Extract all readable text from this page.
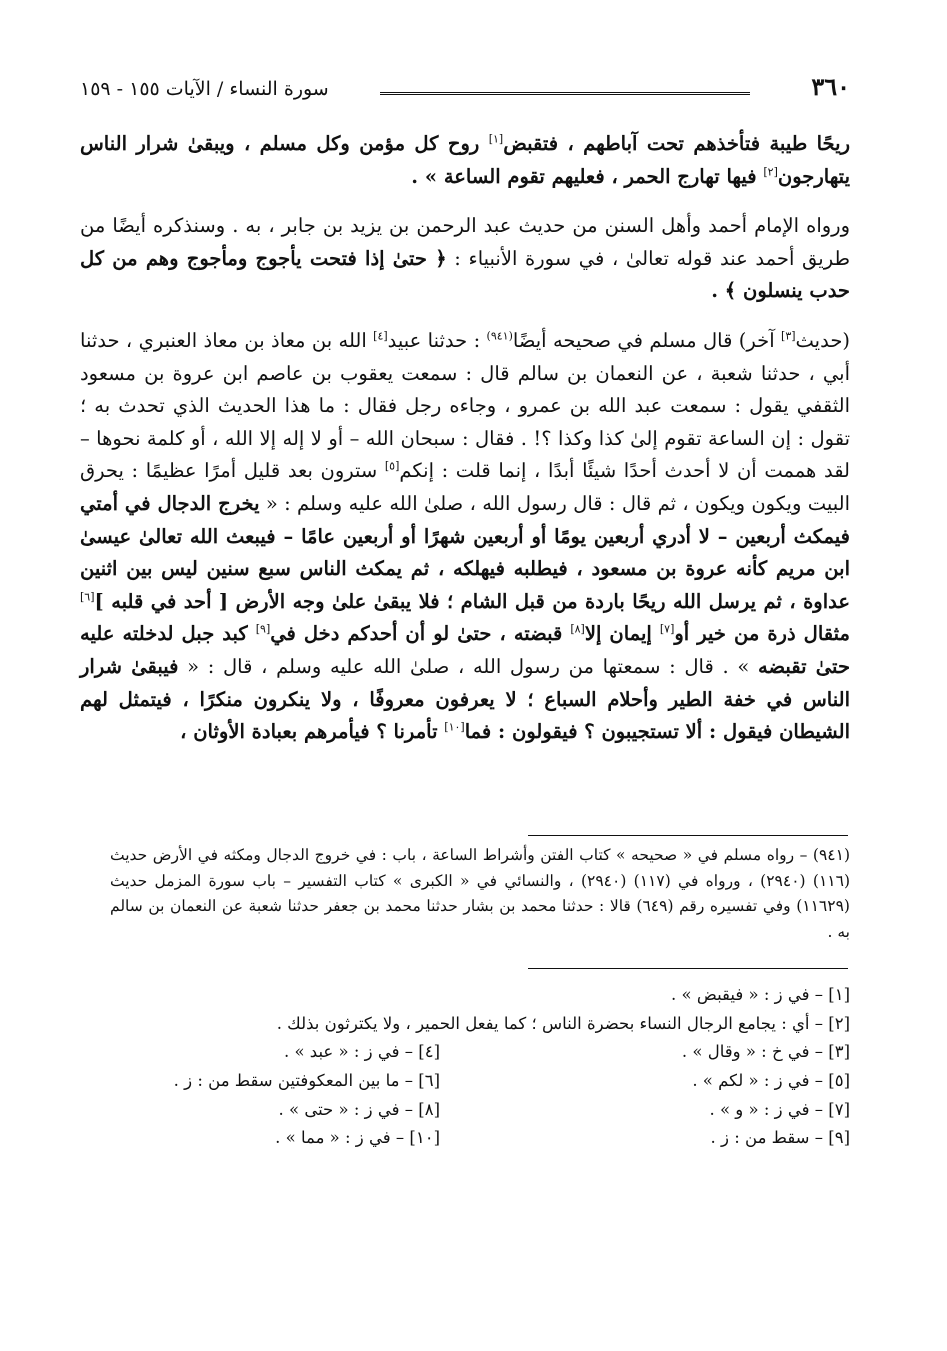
سورة النساء / الآيات ١٥٥ - ١٥٩	٣٦٠

ريحًا طيبة فتأخذهم تحت آباطهم ، فتقبض[١] روح كل مؤمن وكل مسلم ، ويبقىٰ شرار الناس يتهارجون[٢] فيها تهارج الحمر ، فعليهم تقوم الساعة » .

ورواه الإمام أحمد وأهل السنن من حديث عبد الرحمن بن يزيد بن جابر ، به . وسنذكره أيضًا من طريق أحمد عند قوله تعالىٰ ، في سورة الأنبياء : ﴿ حتىٰ إذا فتحت يأجوج ومأجوج وهم من كل حدب ينسلون ﴾ .

(حديث[٣] آخر) قال مسلم في صحيحه أيضًا$^{(٩٤١)}$ : حدثنا عبيد[٤] الله بن معاذ بن معاذ العنبري ، حدثنا أبي ، حدثنا شعبة ، عن النعمان بن سالم قال : سمعت يعقوب بن عاصم ابن عروة بن مسعود الثقفي يقول : سمعت عبد الله بن عمرو ، وجاءه رجل فقال : ما هذا الحديث الذي تحدث به ؛ تقول : إن الساعة تقوم إلىٰ كذا وكذا ؟! . فقال : سبحان الله – أو لا إله إلا الله ، أو كلمة نحوها – لقد هممت أن لا أحدث أحدًا شيئًا أبدًا ، إنما قلت : إنكم[٥] سترون بعد قليل أمرًا عظيمًا : يحرق البيت ويكون ويكون ، ثم قال : قال رسول الله ، صلىٰ الله عليه وسلم : « يخرج الدجال في أمتي فيمكث أربعين – لا أدري أربعين يومًا أو أربعين شهرًا أو أربعين عامًا – فيبعث الله تعالىٰ عيسىٰ ابن مريم كأنه عروة بن مسعود ، فيطلبه فيهلكه ، ثم يمكث الناس سبع سنين ليس بين اثنين عداوة ، ثم يرسل الله ريحًا باردة من قبل الشام ؛ فلا يبقىٰ علىٰ وجه الأرض [ أحد في قلبه ][٦] مثقال ذرة من خير أو[٧] إيمان إلا[٨] قبضته ، حتىٰ لو أن أحدكم دخل في[٩] كبد جبل لدخلته عليه حتىٰ تقبضه » . قال : سمعتها من رسول الله ، صلىٰ الله عليه وسلم ، قال : « فيبقىٰ شرار الناس في خفة الطير وأحلام السباع ؛ لا يعرفون معروفًا ، ولا ينكرون منكرًا ، فيتمثل لهم الشيطان فيقول : ألا تستجيبون ؟ فيقولون : فما[١٠] تأمرنا ؟ فيأمرهم بعبادة الأوثان ،

(٩٤١) – رواه مسلم في « صحيحه » كتاب الفتن وأشراط الساعة ، باب : في خروج الدجال ومكثه في الأرض حديث (١١٦) (٢٩٤٠) ، ورواه في (١١٧) (٢٩٤٠) ، والنسائي في « الكبرى » كتاب التفسير – باب سورة المزمل حديث (١١٦٢٩) وفي تفسيره رقم (٦٤٩) قالا : حدثنا محمد بن بشار حدثنا محمد بن جعفر حدثنا شعبة عن النعمان بن سالم به .

[١] – في ز : « فيقبض » .
[٢] – أي : يجامع الرجال النساء بحضرة الناس ؛ كما يفعل الحمير ، ولا يكترثون بذلك .
[٣] – في خ : « وقال » .
[٤] – في ز : « عبد » .
[٥] – في ز : « لكم » .
[٦] – ما بين المعكوفتين سقط من : ز .
[٧] – في ز : « و » .
[٨] – في ز : « حتى » .
[٩] – سقط من : ز .
[١٠] – في ز : « مما » .
